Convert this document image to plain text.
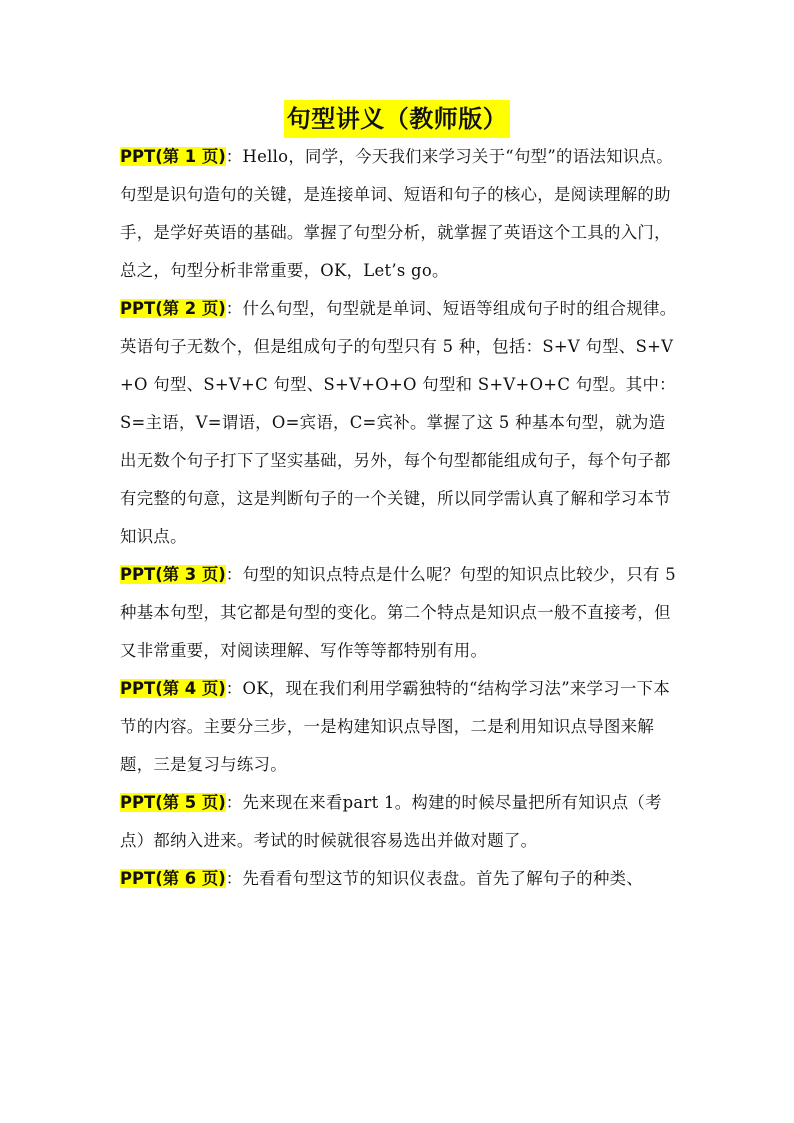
句型讲义（教师版）

PPT(第 1 页)：Hello，同学，今天我们来学习关于“句型”的语法知识点。句型是识句造句的关键，是连接单词、短语和句子的核心，是阅读理解的助手，是学好英语的基础。掌握了句型分析，就掌握了英语这个工具的入门，总之，句型分析非常重要，OK，Let’s go。

PPT(第 2 页)：什么句型，句型就是单词、短语等组成句子时的组合规律。英语句子无数个，但是组成句子的句型只有 5 种，包括：S+V 句型、S+V+O 句型、S+V+C 句型、S+V+O+O 句型和 S+V+O+C 句型。其中：S=主语，V=谓语，O=宾语，C=宾补。掌握了这 5 种基本句型，就为造出无数个句子打下了坚实基础，另外，每个句型都能组成句子，每个句子都有完整的句意，这是判断句子的一个关键，所以同学需认真了解和学习本节知识点。

PPT(第 3 页)：句型的知识点特点是什么呢？句型的知识点比较少，只有 5 种基本句型，其它都是句型的变化。第二个特点是知识点一般不直接考，但又非常重要，对阅读理解、写作等等都特别有用。

PPT(第 4 页)：OK，现在我们利用学霸独特的“结构学习法”来学习一下本节的内容。主要分三步，一是构建知识点导图，二是利用知识点导图来解题，三是复习与练习。

PPT(第 5 页)：先来现在来看part 1。构建的时候尽量把所有知识点（考点）都纳入进来。考试的时候就很容易选出并做对题了。

PPT(第 6 页)：先看看句型这节的知识仪表盘。首先了解句子的种类、
